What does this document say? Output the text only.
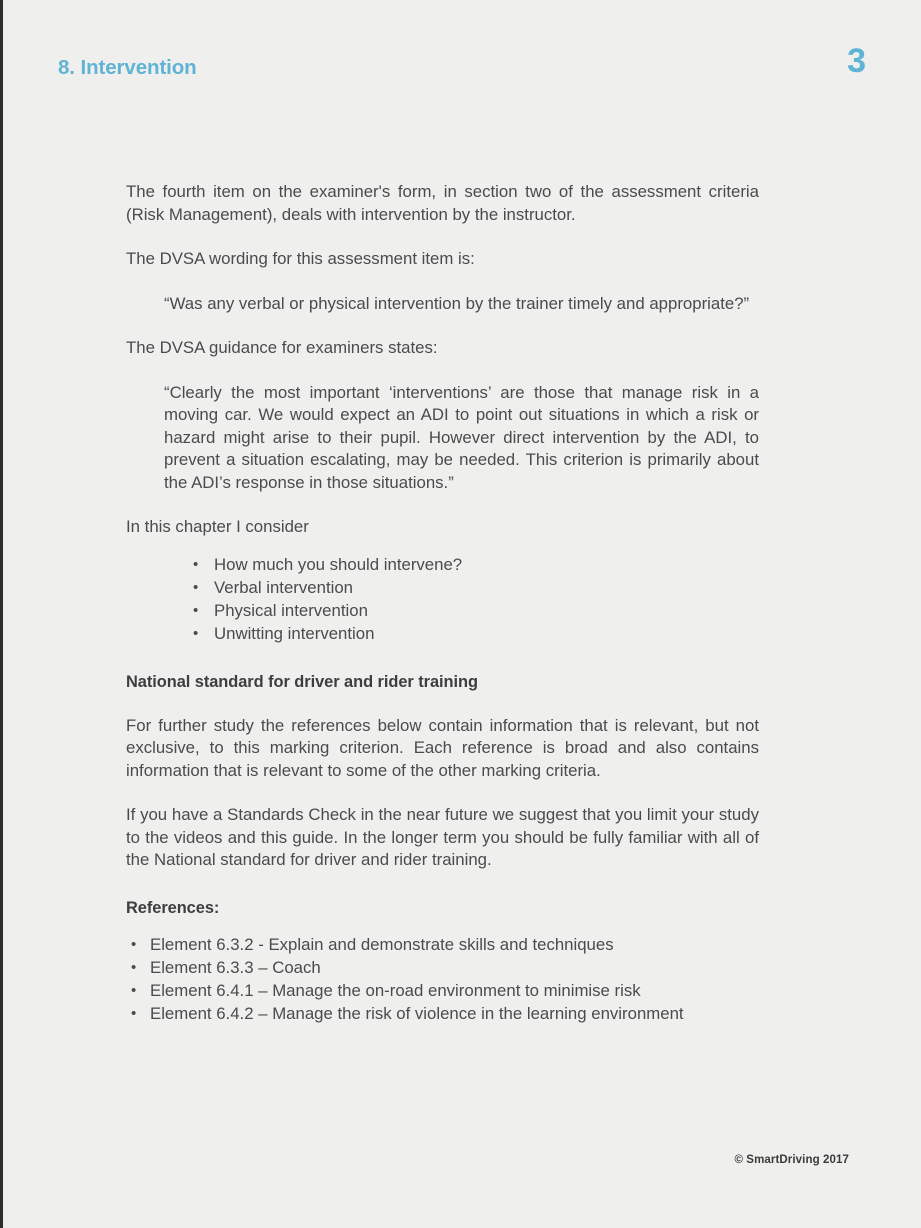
8. Intervention	3

The fourth item on the examiner's form, in section two of the assessment criteria (Risk Management), deals with intervention by the instructor.

The DVSA wording for this assessment item is:

“Was any verbal or physical intervention by the trainer timely and appropriate?”

The DVSA guidance for examiners states:

“Clearly the most important ‘interventions’ are those that manage risk in a moving car. We would expect an ADI to point out situations in which a risk or hazard might arise to their pupil. However direct intervention by the ADI, to prevent a situation escalating, may be needed. This criterion is primarily about the ADI’s response in those situations.”

In this chapter I consider

• How much you should intervene?
• Verbal intervention
• Physical intervention
• Unwitting intervention
National standard for driver and rider training

For further study the references below contain information that is relevant, but not exclusive, to this marking criterion. Each reference is broad and also contains information that is relevant to some of the other marking criteria.

If you have a Standards Check in the near future we suggest that you limit your study to the videos and this guide. In the longer term you should be fully familiar with all of the National standard for driver and rider training.

References:
• Element 6.3.2 - Explain and demonstrate skills and techniques
• Element 6.3.3 – Coach
• Element 6.4.1 – Manage the on-road environment to minimise risk
• Element 6.4.2 – Manage the risk of violence in the learning environment
© SmartDriving 2017
